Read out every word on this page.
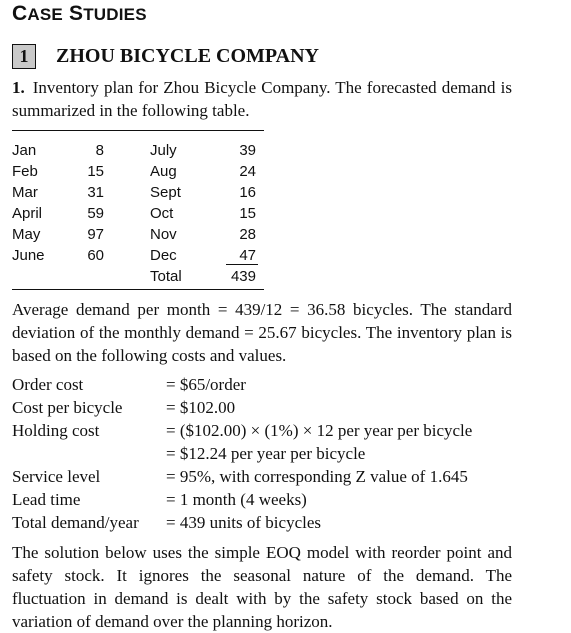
CASE STUDIES
1	ZHOU BICYCLE COMPANY

1. Inventory plan for Zhou Bicycle Company. The forecasted demand is summarized in the following table.

Jan	8	July	39
Feb	15	Aug	24
Mar	31	Sept	16
April	59	Oct	15
May	97	Nov	28
June	60	Dec	47
Total	439

Average demand per month = 439/12 = 36.58 bicycles. The standard deviation of the monthly demand = 25.67 bicycles. The inventory plan is based on the following costs and values.

Order cost	= $65/order
Cost per bicycle	= $102.00
Holding cost	= ($102.00) × (1%) × 12 per year per bicycle
= $12.24 per year per bicycle
Service level	= 95%, with corresponding Z value of 1.645
Lead time	= 1 month (4 weeks)
Total demand/year = 439 units of bicycles

The solution below uses the simple EOQ model with reorder point and safety stock. It ignores the seasonal nature of the demand. The fluctuation in demand is dealt with by the safety stock based on the variation of demand over the planning horizon.
